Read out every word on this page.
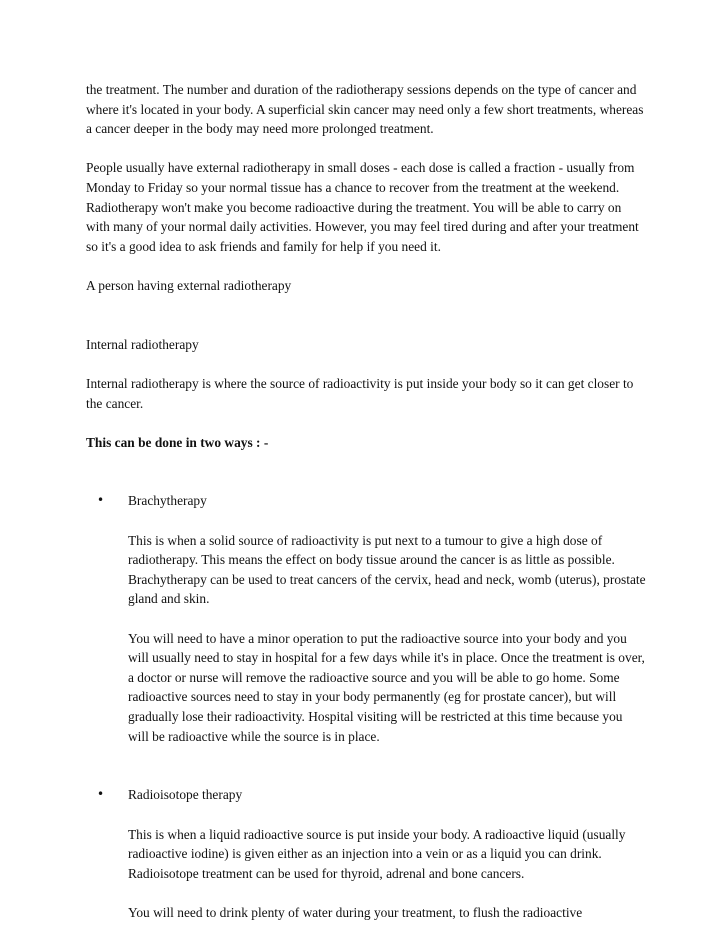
the treatment. The number and duration of the radiotherapy sessions depends on the type of cancer and where it's located in your body. A superficial skin cancer may need only a few short treatments, whereas a cancer deeper in the body may need more prolonged treatment.

People usually have external radiotherapy in small doses - each dose is called a fraction - usually from Monday to Friday so your normal tissue has a chance to recover from the treatment at the weekend. Radiotherapy won't make you become radioactive during the treatment. You will be able to carry on with many of your normal daily activities. However, you may feel tired during and after your treatment so it's a good idea to ask friends and family for help if you need it.

A person having external radiotherapy

Internal radiotherapy

Internal radiotherapy is where the source of radioactivity is put inside your body so it can get closer to the cancer.

This can be done in two ways : -

• Brachytherapy

This is when a solid source of radioactivity is put next to a tumour to give a high dose of radiotherapy. This means the effect on body tissue around the cancer is as little as possible. Brachytherapy can be used to treat cancers of the cervix, head and neck, womb (uterus), prostate gland and skin.

You will need to have a minor operation to put the radioactive source into your body and you will usually need to stay in hospital for a few days while it's in place. Once the treatment is over, a doctor or nurse will remove the radioactive source and you will be able to go home. Some radioactive sources need to stay in your body permanently (eg for prostate cancer), but will gradually lose their radioactivity. Hospital visiting will be restricted at this time because you will be radioactive while the source is in place.

• Radioisotope therapy

This is when a liquid radioactive source is put inside your body. A radioactive liquid (usually radioactive iodine) is given either as an injection into a vein or as a liquid you can drink. Radioisotope treatment can be used for thyroid, adrenal and bone cancers.

You will need to drink plenty of water during your treatment, to flush the radioactive
